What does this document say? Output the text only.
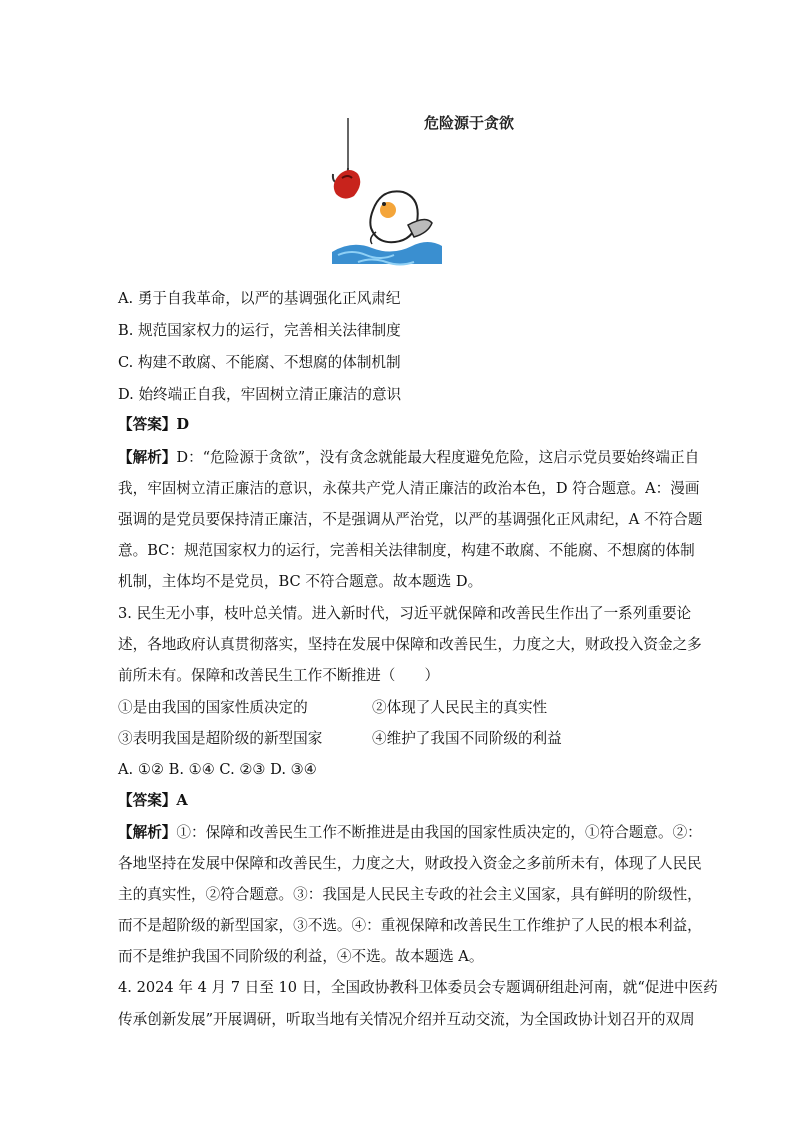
危险源于贪欲
A. 勇于自我革命，以严的基调强化正风肃纪
B. 规范国家权力的运行，完善相关法律制度
C. 构建不敢腐、不能腐、不想腐的体制机制
D. 始终端正自我，牢固树立清正廉洁的意识
【答案】D
【解析】D：“危险源于贪欲”，没有贪念就能最大程度避免危险，这启示党员要始终端正自
我，牢固树立清正廉洁的意识，永葆共产党人清正廉洁的政治本色，D 符合题意。A：漫画
强调的是党员要保持清正廉洁，不是强调从严治党，以严的基调强化正风肃纪，A 不符合题
意。BC：规范国家权力的运行，完善相关法律制度，构建不敢腐、不能腐、不想腐的体制
机制，主体均不是党员，BC 不符合题意。故本题选 D。
3. 民生无小事，枝叶总关情。进入新时代，习近平就保障和改善民生作出了一系列重要论
述，各地政府认真贯彻落实，坚持在发展中保障和改善民生，力度之大，财政投入资金之多
前所未有。保障和改善民生工作不断推进（　　）
①是由我国的国家性质决定的	②体现了人民民主的真实性
③表明我国是超阶级的新型国家	④维护了我国不同阶级的利益
A. ①② B. ①④ C. ②③ D. ③④
【答案】A
【解析】①：保障和改善民生工作不断推进是由我国的国家性质决定的，①符合题意。②：
各地坚持在发展中保障和改善民生，力度之大，财政投入资金之多前所未有，体现了人民民
主的真实性，②符合题意。③：我国是人民民主专政的社会主义国家，具有鲜明的阶级性，
而不是超阶级的新型国家，③不选。④：重视保障和改善民生工作维护了人民的根本利益，
而不是维护我国不同阶级的利益，④不选。故本题选 A。
4. 2024 年 4 月 7 日至 10 日，全国政协教科卫体委员会专题调研组赴河南，就“促进中医药
传承创新发展”开展调研，听取当地有关情况介绍并互动交流，为全国政协计划召开的双周
